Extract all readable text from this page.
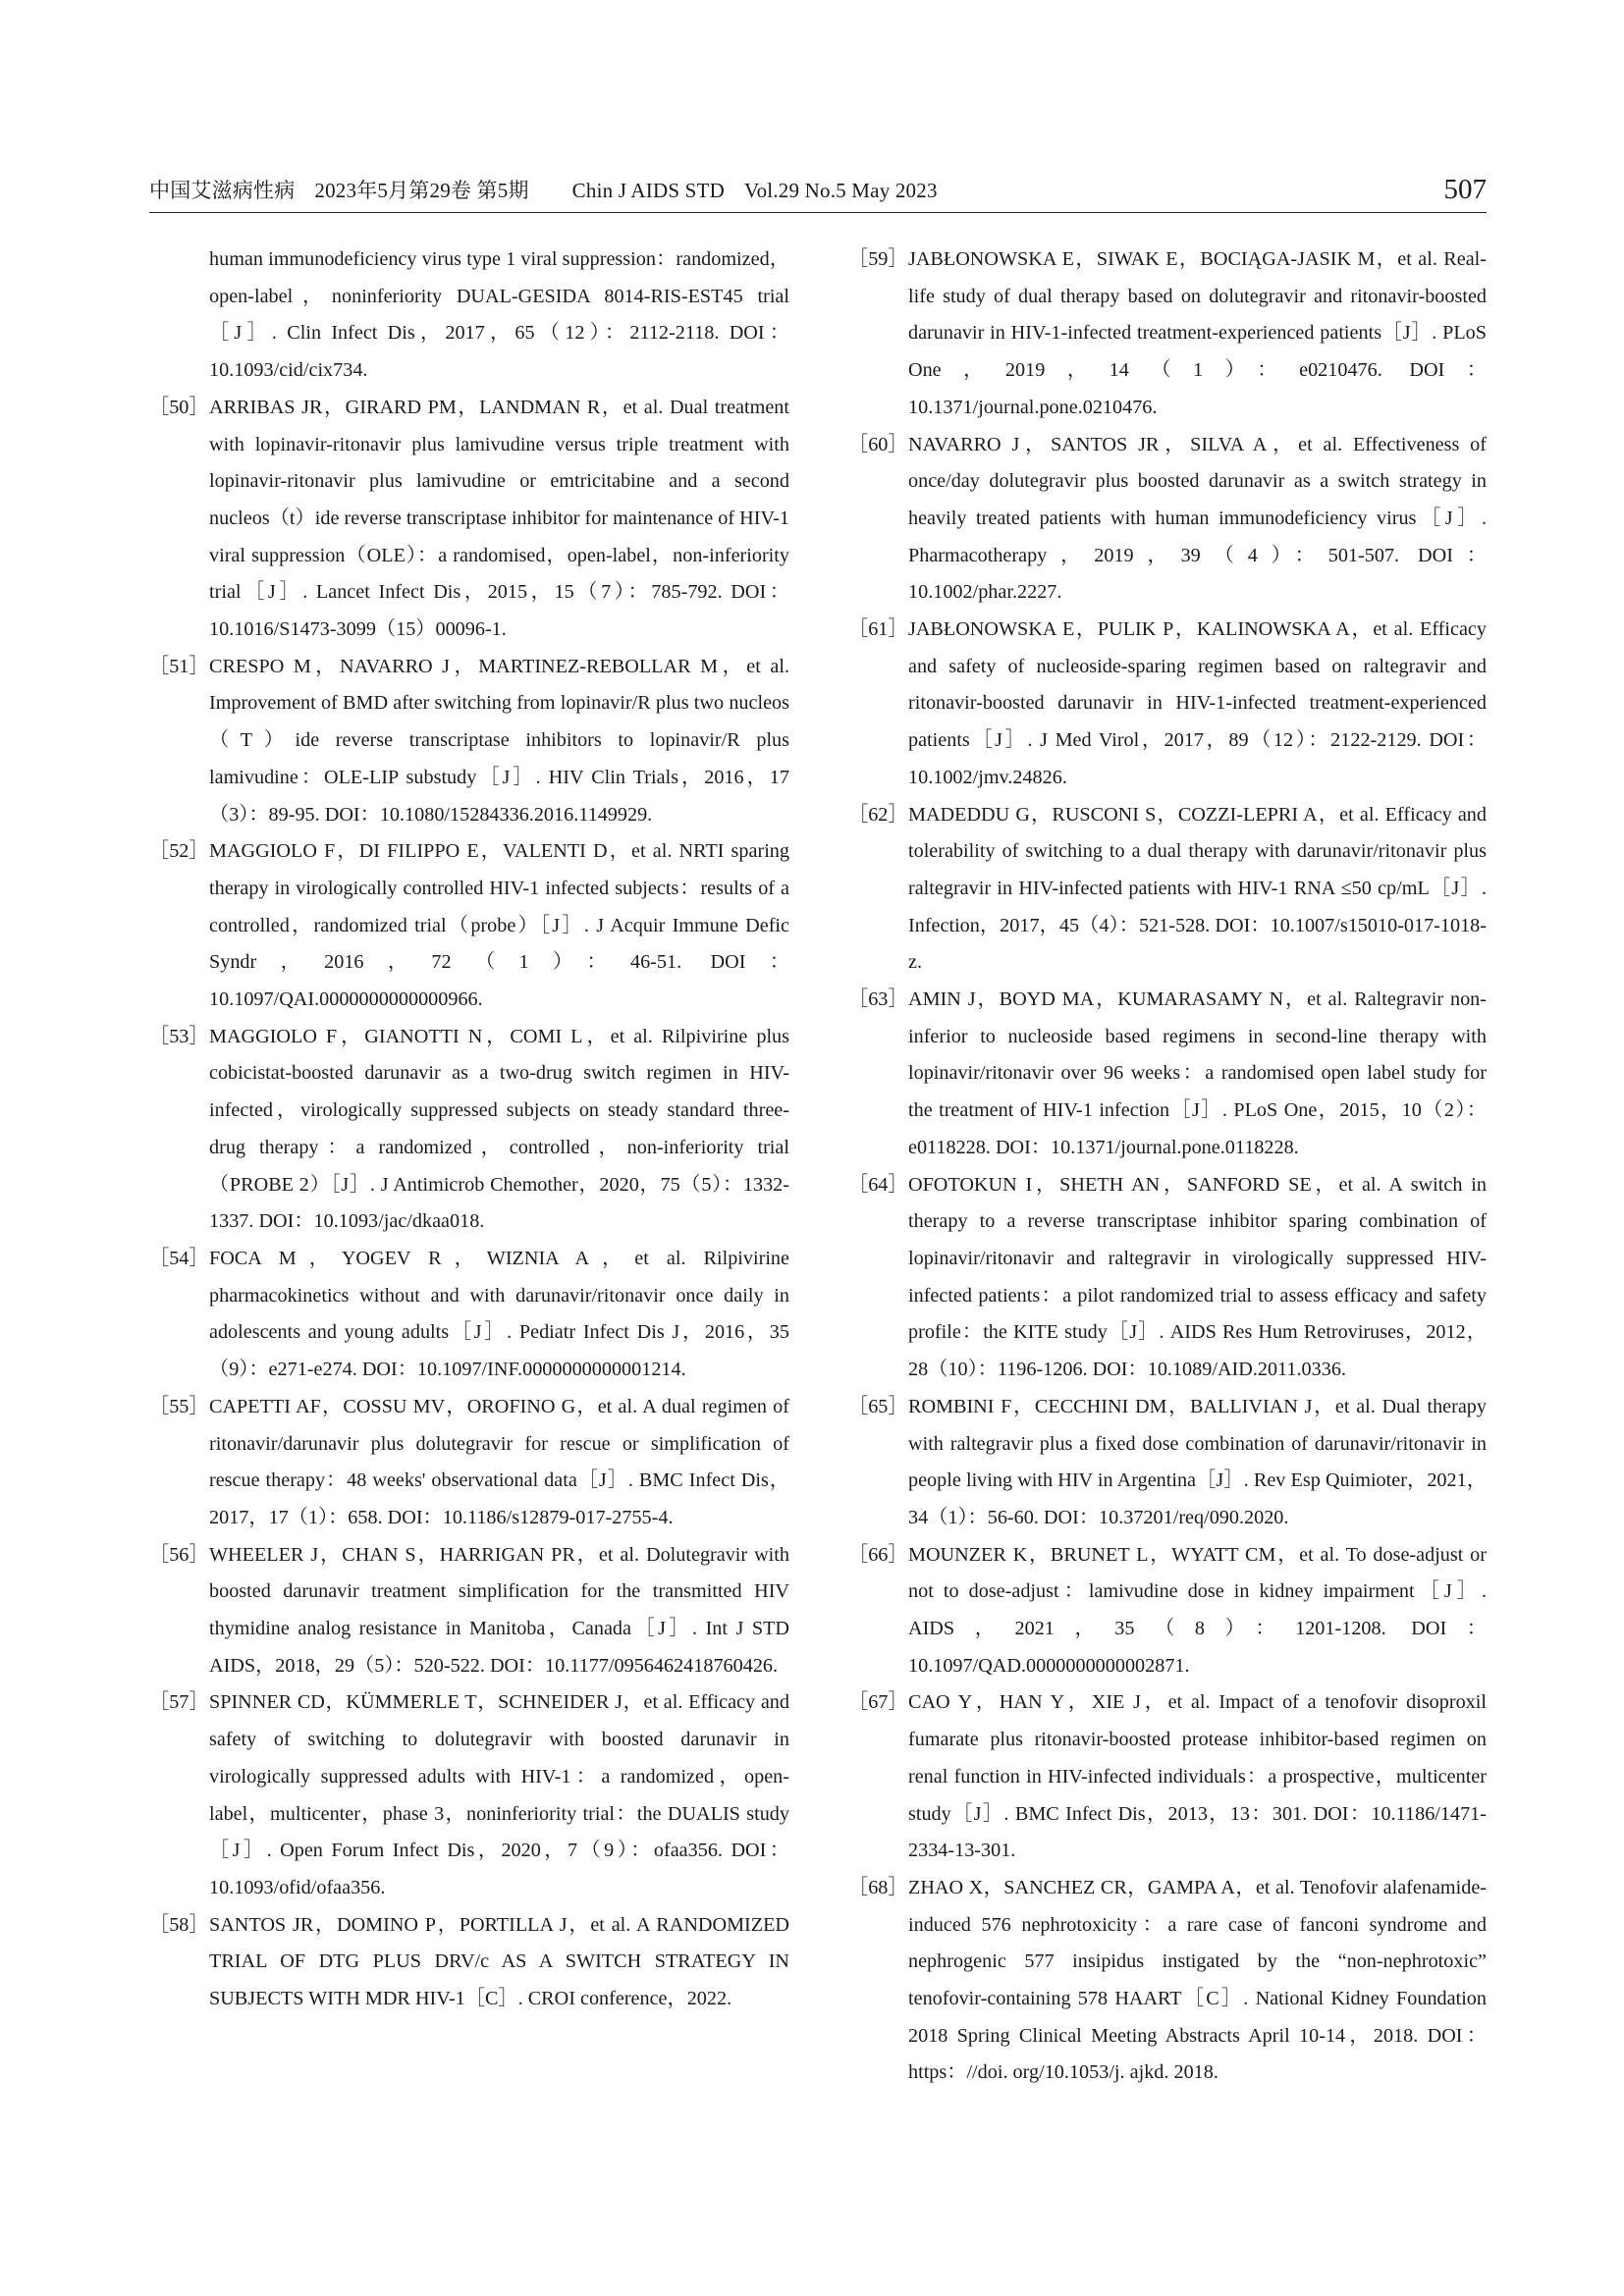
中国艾滋病性病 2023年5月第29卷 第5期 Chin J AIDS STD Vol.29 No.5 May 2023	507

human immunodeficiency virus type 1 viral suppression：randomized，open-label，noninferiority DUAL-GESIDA 8014-RIS-EST45 trial［J］. Clin Infect Dis，2017，65（12）：2112-2118. DOI：10.1093/cid/cix734.

［50］ ARRIBAS JR，GIRARD PM，LANDMAN R，et al. Dual treatment with lopinavir-ritonavir plus lamivudine versus triple treatment with lopinavir-ritonavir plus lamivudine or emtricitabine and a second nucleos（t）ide reverse transcriptase inhibitor for maintenance of HIV-1 viral suppression（OLE）：a randomised，open-label，non-inferiority trial［J］. Lancet Infect Dis，2015，15（7）：785-792. DOI：10.1016/S1473-3099（15）00096-1.
［51］ CRESPO M，NAVARRO J，MARTINEZ-REBOLLAR M，et al. Improvement of BMD after switching from lopinavir/R plus two nucleos（T）ide reverse transcriptase inhibitors to lopinavir/R plus lamivudine：OLE-LIP substudy［J］. HIV Clin Trials，2016，17（3）：89-95. DOI：10.1080/15284336.2016.1149929.
［52］ MAGGIOLO F，DI FILIPPO E，VALENTI D，et al. NRTI sparing therapy in virologically controlled HIV-1 infected subjects：results of a controlled，randomized trial（probe）［J］. J Acquir Immune Defic Syndr，2016，72（1）：46-51. DOI：10.1097/QAI.0000000000000966.
［53］ MAGGIOLO F，GIANOTTI N，COMI L，et al. Rilpivirine plus cobicistat-boosted darunavir as a two-drug switch regimen in HIV-infected，virologically suppressed subjects on steady standard three-drug therapy：a randomized，controlled，non-inferiority trial（PROBE 2）［J］. J Antimicrob Chemother，2020，75（5）：1332-1337. DOI：10.1093/jac/dkaa018.
［54］ FOCA M，YOGEV R，WIZNIA A，et al. Rilpivirine pharmacokinetics without and with darunavir/ritonavir once daily in adolescents and young adults［J］. Pediatr Infect Dis J，2016，35（9）：e271-e274. DOI：10.1097/INF.0000000000001214.
［55］ CAPETTI AF，COSSU MV，OROFINO G，et al. A dual regimen of ritonavir/darunavir plus dolutegravir for rescue or simplification of rescue therapy：48 weeks' observational data［J］. BMC Infect Dis，2017，17（1）：658. DOI：10.1186/s12879-017-2755-4.
［56］ WHEELER J，CHAN S，HARRIGAN PR，et al. Dolutegravir with boosted darunavir treatment simplification for the transmitted HIV thymidine analog resistance in Manitoba，Canada［J］. Int J STD AIDS，2018，29（5）：520-522. DOI：10.1177/0956462418760426.
［57］ SPINNER CD，KÜMMERLE T，SCHNEIDER J，et al. Efficacy and safety of switching to dolutegravir with boosted darunavir in virologically suppressed adults with HIV-1：a randomized，open-label，multicenter，phase 3，noninferiority trial：the DUALIS study［J］. Open Forum Infect Dis，2020，7（9）：ofaa356. DOI：10.1093/ofid/ofaa356.
［58］ SANTOS JR，DOMINO P，PORTILLA J，et al. A RANDOMIZED TRIAL OF DTG PLUS DRV/c AS A SWITCH STRATEGY IN SUBJECTS WITH MDR HIV-1［C］. CROI conference，2022.
［59］ JABŁONOWSKA E，SIWAK E，BOCIĄGA-JASIK M，et al. Real-life study of dual therapy based on dolutegravir and ritonavir-boosted darunavir in HIV-1-infected treatment-experienced patients［J］. PLoS One，2019，14（1）：e0210476. DOI：10.1371/journal.pone.0210476.
［60］ NAVARRO J，SANTOS JR，SILVA A，et al. Effectiveness of once/day dolutegravir plus boosted darunavir as a switch strategy in heavily treated patients with human immunodeficiency virus［J］. Pharmacotherapy，2019，39（4）：501-507. DOI：10.1002/phar.2227.
［61］ JABŁONOWSKA E，PULIK P，KALINOWSKA A，et al. Efficacy and safety of nucleoside-sparing regimen based on raltegravir and ritonavir-boosted darunavir in HIV-1-infected treatment-experienced patients［J］. J Med Virol，2017，89（12）：2122-2129. DOI：10.1002/jmv.24826.
［62］ MADEDDU G，RUSCONI S，COZZI-LEPRI A，et al. Efficacy and tolerability of switching to a dual therapy with darunavir/ritonavir plus raltegravir in HIV-infected patients with HIV-1 RNA ≤50 cp/mL［J］. Infection，2017，45（4）：521-528. DOI：10.1007/s15010-017-1018-z.
［63］ AMIN J，BOYD MA，KUMARASAMY N，et al. Raltegravir non-inferior to nucleoside based regimens in second-line therapy with lopinavir/ritonavir over 96 weeks：a randomised open label study for the treatment of HIV-1 infection［J］. PLoS One，2015，10（2）：e0118228. DOI：10.1371/journal.pone.0118228.
［64］ OFOTOKUN I，SHETH AN，SANFORD SE，et al. A switch in therapy to a reverse transcriptase inhibitor sparing combination of lopinavir/ritonavir and raltegravir in virologically suppressed HIV-infected patients：a pilot randomized trial to assess efficacy and safety profile：the KITE study［J］. AIDS Res Hum Retroviruses，2012，28（10）：1196-1206. DOI：10.1089/AID.2011.0336.
［65］ ROMBINI F，CECCHINI DM，BALLIVIAN J，et al. Dual therapy with raltegravir plus a fixed dose combination of darunavir/ritonavir in people living with HIV in Argentina［J］. Rev Esp Quimioter，2021，34（1）：56-60. DOI：10.37201/req/090.2020.
［66］ MOUNZER K，BRUNET L，WYATT CM，et al. To dose-adjust or not to dose-adjust：lamivudine dose in kidney impairment［J］. AIDS，2021，35（8）：1201-1208. DOI：10.1097/QAD.0000000000002871.
［67］ CAO Y，HAN Y，XIE J，et al. Impact of a tenofovir disoproxil fumarate plus ritonavir-boosted protease inhibitor-based regimen on renal function in HIV-infected individuals：a prospective，multicenter study［J］. BMC Infect Dis，2013，13：301. DOI：10.1186/1471-2334-13-301.
［68］ ZHAO X，SANCHEZ CR，GAMPA A，et al. Tenofovir alafenamide-induced 576 nephrotoxicity：a rare case of fanconi syndrome and nephrogenic 577 insipidus instigated by the “non-nephrotoxic” tenofovir-containing 578 HAART［C］. National Kidney Foundation 2018 Spring Clinical Meeting Abstracts April 10-14，2018. DOI：https：//doi. org/10.1053/j. ajkd. 2018.
